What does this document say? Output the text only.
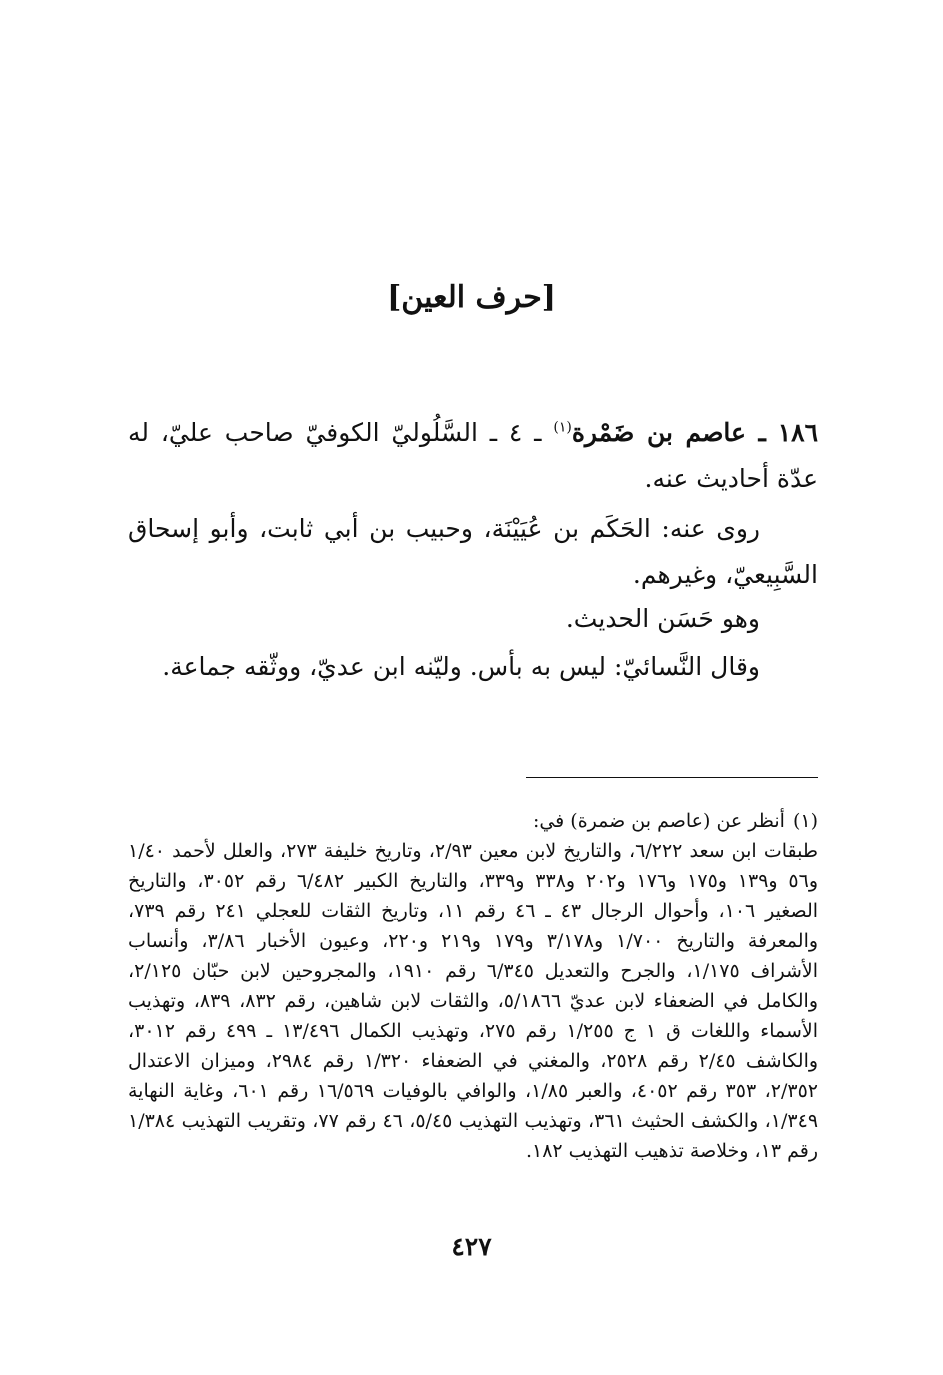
[حرف العين]
١٨٦ ـ عاصم بن ضَمْرة$^{(١)}$ ـ ٤ ـ السَّلُوليّ الكوفيّ صاحب عليّ، له عدّة أحاديث عنه.
روى عنه: الحَكَم بن عُيَيْنَة، وحبيب بن أبي ثابت، وأبو إسحاق السَّبِيعيّ، وغيرهم.
وهو حَسَن الحديث.
وقال النَّسائيّ: ليس به بأس. وليّنه ابن عديّ، ووثّقه جماعة.
(١)أنظر عن (عاصم بن ضمرة) في:
طبقات ابن سعد ٦/٢٢٢، والتاريخ لابن معين ٢/٩٣، وتاريخ خليفة ٢٧٣، والعلل لأحمد ١/٤٠ و٥٦ و١٣٩ و١٧٥ و١٧٦ و٢٠٢ و٣٣٨ و٣٣٩، والتاريخ الكبير ٦/٤٨٢ رقم ٣٠٥٢، والتاريخ الصغير ١٠٦، وأحوال الرجال ٤٣ ـ ٤٦ رقم ١١، وتاريخ الثقات للعجلي ٢٤١ رقم ٧٣٩، والمعرفة والتاريخ ١/٧٠٠ و٣/١٧٨ و١٧٩ و٢١٩ و٢٢٠، وعيون الأخبار ٣/٨٦، وأنساب الأشراف ١/١٧٥، والجرح والتعديل ٦/٣٤٥ رقم ١٩١٠، والمجروحين لابن حبّان ٢/١٢٥، والكامل في الضعفاء لابن عديّ ٥/١٨٦٦، والثقات لابن شاهين، رقم ٨٣٢، ٨٣٩، وتهذيب الأسماء واللغات ق ١ ج ١/٢٥٥ رقم ٢٧٥، وتهذيب الكمال ١٣/٤٩٦ ـ ٤٩٩ رقم ٣٠١٢، والكاشف ٢/٤٥ رقم ٢٥٢٨، والمغني في الضعفاء ١/٣٢٠ رقم ٢٩٨٤، وميزان الاعتدال ٢/٣٥٢، ٣٥٣ رقم ٤٠٥٢، والعبر ١/٨٥، والوافي بالوفيات ١٦/٥٦٩ رقم ٦٠١، وغاية النهاية ١/٣٤٩، والكشف الحثيث ٣٦١، وتهذيب التهذيب ٥/٤٥، ٤٦ رقم ٧٧، وتقريب التهذيب ١/٣٨٤ رقم ١٣، وخلاصة تذهيب التهذيب ١٨٢.
٤٢٧
